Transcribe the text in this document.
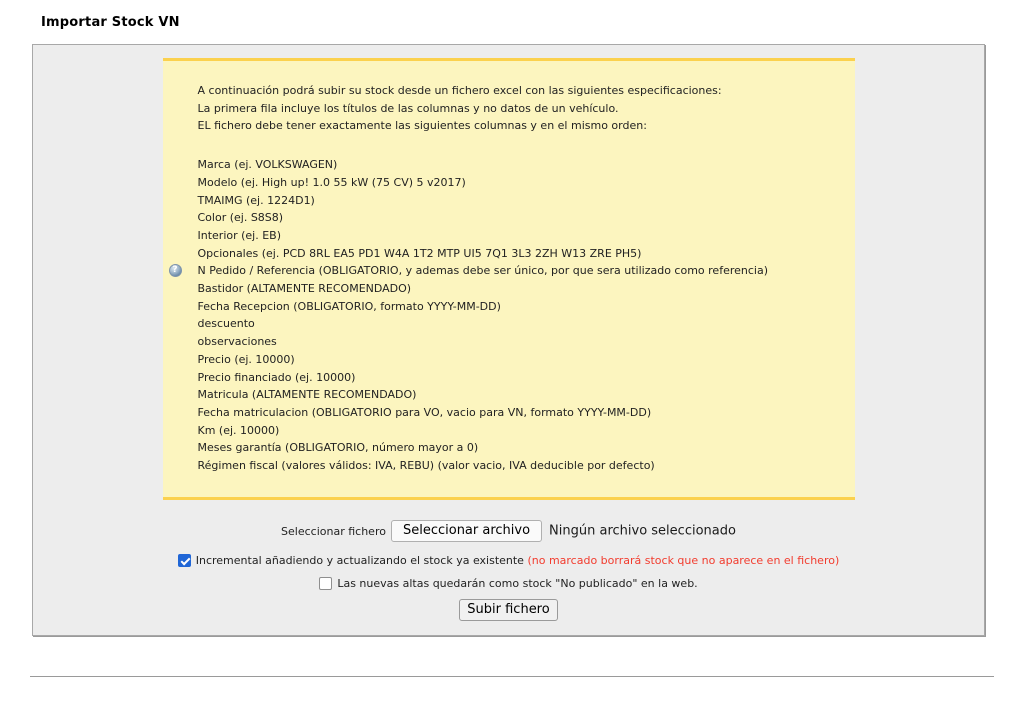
Importar Stock VN

A continuación podrá subir su stock desde un fichero excel con las siguientes especificaciones:

La primera fila incluye los títulos de las columnas y no datos de un vehículo.

EL fichero debe tener exactamente las siguientes columnas y en el mismo orden:

Marca (ej. VOLKSWAGEN)
Modelo (ej. High up! 1.0 55 kW (75 CV) 5 v2017)
TMAIMG (ej. 1224D1)
Color (ej. S8S8)
Interior (ej. EB)
Opcionales (ej. PCD 8RL EA5 PD1 W4A 1T2 MTP UI5 7Q1 3L3 2ZH W13 ZRE PH5)
?	N Pedido / Referencia (OBLIGATORIO, y ademas debe ser único, por que sera utilizado como referencia)
Bastidor (ALTAMENTE RECOMENDADO)
Fecha Recepcion (OBLIGATORIO, formato YYYY-MM-DD)
descuento
observaciones
Precio (ej. 10000)
Precio financiado (ej. 10000)
Matricula (ALTAMENTE RECOMENDADO)
Fecha matriculacion (OBLIGATORIO para VO, vacio para VN, formato YYYY-MM-DD)
Km (ej. 10000)
Meses garantía (OBLIGATORIO, número mayor a 0)
Régimen fiscal (valores válidos: IVA, REBU) (valor vacio, IVA deducible por defecto)
Seleccionar fichero Seleccionar archivo Ningún archivo seleccionado
Incremental añadiendo y actualizando el stock ya existente (no marcado borrará stock que no aparece en el fichero)
Las nuevas altas quedarán como stock "No publicado" en la web.
Subir fichero
